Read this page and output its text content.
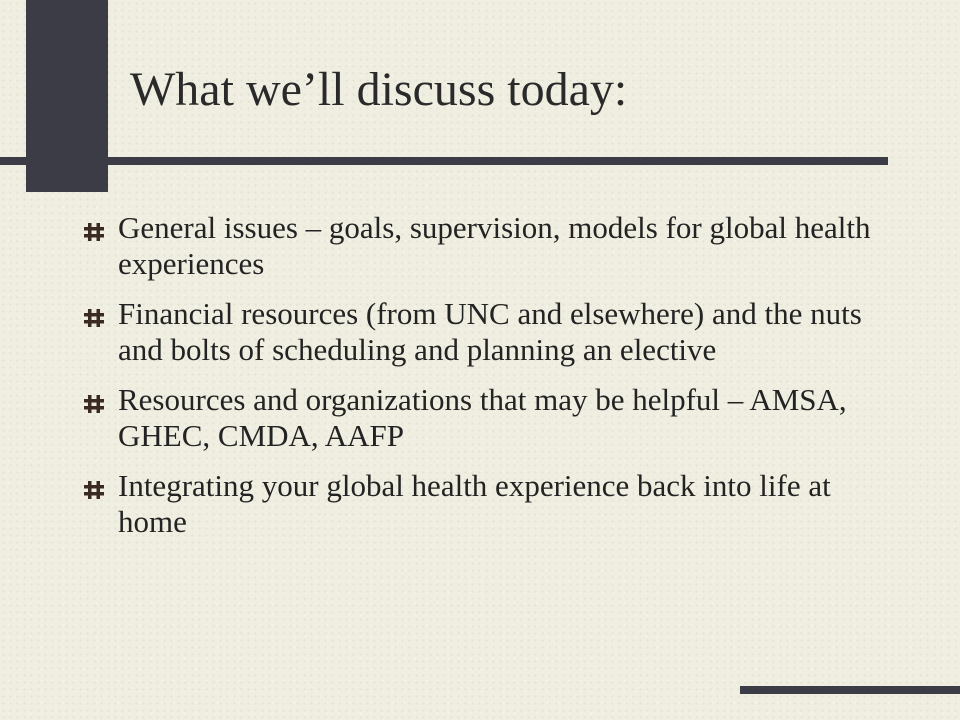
What we’ll discuss today:
General issues – goals, supervision, models for global health experiences
Financial resources (from UNC and elsewhere) and the nuts and bolts of scheduling and planning an elective
Resources and organizations that may be helpful – AMSA, GHEC, CMDA, AAFP
Integrating your global health experience back into life at home
